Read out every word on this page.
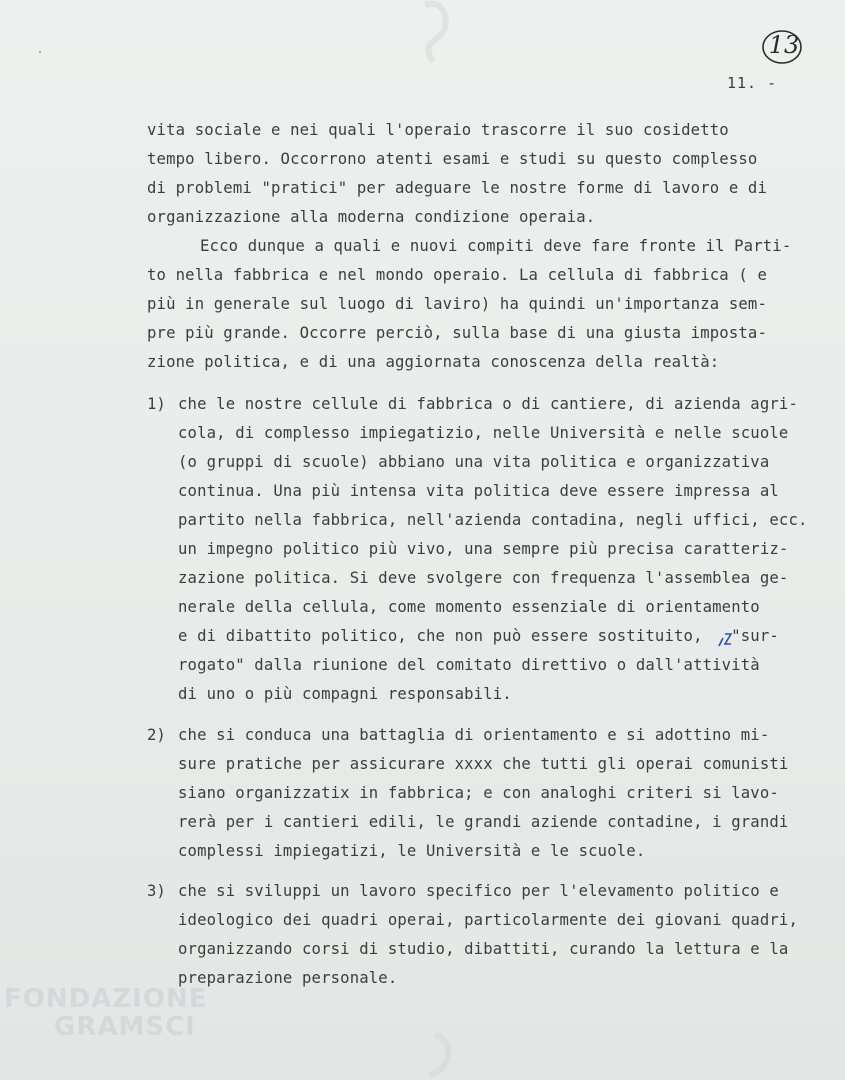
13
11. -
vita sociale e nei quali l'operaio trascorre il suo cosidetto
tempo libero. Occorrono atenti esami e studi su questo complesso
di problemi "pratici" per adeguare le nostre forme di lavoro e di
organizzazione alla moderna condizione operaia.
Ecco dunque a quali e nuovi compiti deve fare fronte il Parti-
to nella fabbrica e nel mondo operaio. La cellula di fabbrica ( e
più in generale sul luogo di laviro) ha quindi un'importanza sem-
pre più grande. Occorre perciò, sulla base di una giusta imposta-
zione politica, e di una aggiornata conoscenza della realtà:
1) che le nostre cellule di fabbrica o di cantiere, di azienda agri-
cola, di complesso impiegatizio, nelle Università e nelle scuole
(o gruppi di scuole) abbiano una vita politica e organizzativa
continua. Una più intensa vita politica deve essere impressa al
partito nella fabbrica, nell'azienda contadina, negli uffici, ecc.
un impegno politico più vivo, una sempre più precisa caratteriz-
zazione politica. Si deve svolgere con frequenza l'assemblea ge-
nerale della cellula, come momento essenziale di orientamento
e di dibattito politico, che non può essere sostituito,   "sur-
rogato" dalla riunione del comitato direttivo o dall'attività
di uno o più compagni responsabili.
2) che si conduca una battaglia di orientamento e si adottino mi-
sure pratiche per assicurare xxxx che tutti gli operai comunisti
siano organizzatix in fabbrica; e con analoghi criteri si lavo-
rerà per i cantieri edili, le grandi aziende contadine, i grandi
complessi impiegatizi, le Università e le scuole.
3) che si sviluppi un lavoro specifico per l'elevamento politico e
ideologico dei quadri operai, particolarmente dei giovani quadri,
organizzando corsi di studio, dibattiti, curando la lettura e la
preparazione personale.
FONDAZIONE
GRAMSCI
